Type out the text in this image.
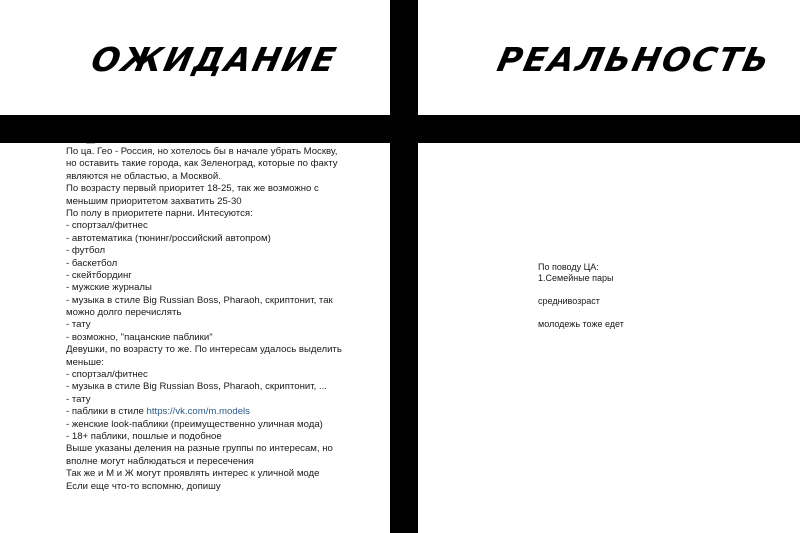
ОЖИДАНИЕ	РЕАЛЬНОСТЬ
По ца. Гео - Россия, но хотелось бы в начале убрать Москву,
но оставить такие города, как Зеленоград, которые по факту
являются не областью, а Москвой.
По возрасту первый приоритет 18-25, так же возможно с
меньшим приоритетом захватить 25-30
По полу в приоритете парни. Интесуются:
- спортзал/фитнес
- автотематика (тюнинг/российский автопром)
- футбол
- баскетбол
- скейтбординг
- мужские журналы
- музыка в стиле Big Russian Boss, Pharaoh, скриптонит, так
можно долго перечислять
- тату
- возможно, "пацанские паблики"
Девушки, по возрасту то же. По интересам удалось выделить
меньше:
- спортзал/фитнес
- музыка в стиле Big Russian Boss, Pharaoh, скриптонит, ...
- тату
- паблики в стиле https://vk.com/m.models
- женские look-паблики (преимущественно уличная мода)
- 18+ паблики, пошлые и подобное
Выше указаны деления на разные группы по интересам, но
вполне могут наблюдаться и пересечения
Так же и М и Ж могут проявлять интерес к уличной моде
Если еще что-то вспомню, допишу
По поводу ЦА:
1.Семейные пары
среднивозраст
молодежь тоже едет
